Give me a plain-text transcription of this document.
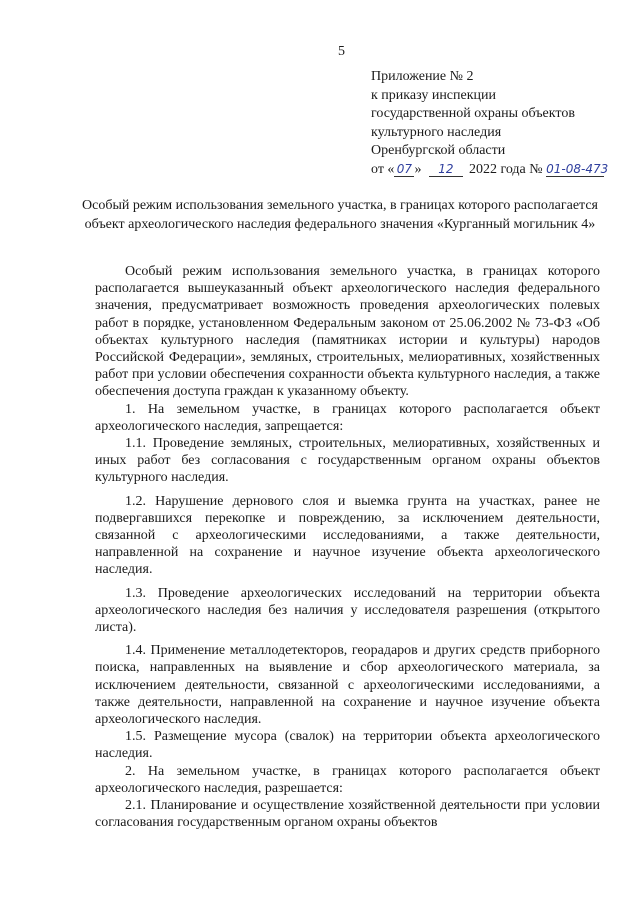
5
Приложение № 2
к приказу инспекции
государственной охраны объектов
культурного наследия
Оренбургской области
от « 07 » 12 2022 года № 01-08-473
Особый режим использования земельного участка, в границах которого располагается объект археологического наследия федерального значения «Курганный могильник 4»

Особый режим использования земельного участка, в границах которого располагается вышеуказанный объект археологического наследия федерального значения, предусматривает возможность проведения археологических полевых работ в порядке, установленном Федеральным законом от 25.06.2002 № 73-ФЗ «Об объектах культурного наследия (памятниках истории и культуры) народов Российской Федерации», земляных, строительных, мелиоративных, хозяйственных работ при условии обеспечения сохранности объекта культурного наследия, а также обеспечения доступа граждан к указанному объекту.

1. На земельном участке, в границах которого располагается объект археологического наследия, запрещается:

1.1. Проведение земляных, строительных, мелиоративных, хозяйственных и иных работ без согласования с государственным органом охраны объектов культурного наследия.

1.2. Нарушение дернового слоя и выемка грунта на участках, ранее не подвергавшихся перекопке и повреждению, за исключением деятельности, связанной с археологическими исследованиями, а также деятельности, направленной на сохранение и научное изучение объекта археологического наследия.

1.3. Проведение археологических исследований на территории объекта археологического наследия без наличия у исследователя разрешения (открытого листа).

1.4. Применение металлодетекторов, георадаров и других средств приборного поиска, направленных на выявление и сбор археологического материала, за исключением деятельности, связанной с археологическими исследованиями, а также деятельности, направленной на сохранение и научное изучение объекта археологического наследия.

1.5. Размещение мусора (свалок) на территории объекта археологического наследия.

2. На земельном участке, в границах которого располагается объект археологического наследия, разрешается:

2.1. Планирование и осуществление хозяйственной деятельности при условии согласования государственным органом охраны объектов
